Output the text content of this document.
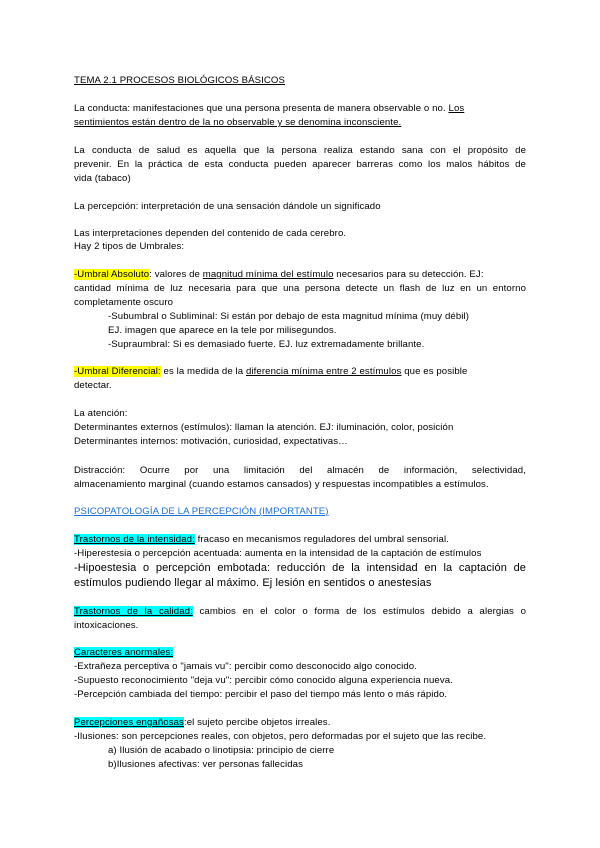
TEMA 2.1 PROCESOS BIOLÓGICOS BÁSICOS
La conducta: manifestaciones que una persona presenta de manera observable o no. Los
sentimientos están dentro de la no observable y se denomina inconsciente.
La conducta de salud es aquella que la persona realiza estando sana con el propósito de
prevenir. En la práctica de esta conducta pueden aparecer barreras como los malos hábitos de
vida (tabaco)
La percepción: interpretación de una sensación dándole un significado
Las interpretaciones dependen del contenido de cada cerebro.
Hay 2 tipos de Umbrales:
-Umbral Absoluto: valores de magnitud mínima del estímulo necesarios para su detección. EJ:
cantidad mínima de luz necesaria para que una persona detecte un flash de luz en un entorno
completamente oscuro
-Subumbral o Subliminal: Si están por debajo de esta magnitud mínima (muy débil)
EJ. imagen que aparece en la tele por milisegundos.
-Supraumbral: Si es demasiado fuerte. EJ. luz extremadamente brillante.
-Umbral Diferencial: es la medida de la diferencia mínima entre 2 estímulos que es posible
detectar.
La atención:
Determinantes externos (estímulos): llaman la atención. EJ: iluminación, color, posición
Determinantes internos: motivación, curiosidad, expectativas…
Distracción: Ocurre por una limitación del almacén de información, selectividad,
almacenamiento marginal (cuando estamos cansados) y respuestas incompatibles a estímulos.
PSICOPATOLOGÍA DE LA PERCEPCIÓN (IMPORTANTE)
Trastornos de la intensidad: fracaso en mecanismos reguladores del umbral sensorial.
-Hiperestesia o percepción acentuada: aumenta en la intensidad de la captación de estímulos
-Hipoestesia o percepción embotada: reducción de la intensidad en la captación de
estímulos pudiendo llegar al máximo. Ej lesión en sentidos o anestesias
Trastornos de la calidad: cambios en el color o forma de los estímulos debido a alergias o
intoxicaciones.
Caracteres anormales:
-Extrañeza perceptiva o "jamais vu": percibir como desconocido algo conocido.
-Supuesto reconocimiento "deja vu": percibir cómo conocido alguna experiencia nueva.
-Percepción cambiada del tiempo: percibir el paso del tiempo más lento o más rápido.
Percepciones engañosas:el sujeto percibe objetos irreales.
-Ilusiones: son percepciones reales, con objetos, pero deformadas por el sujeto que las recibe.
a) Ilusión de acabado o linotipsia: principio de cierre
b)Ilusiones afectivas: ver personas fallecidas
